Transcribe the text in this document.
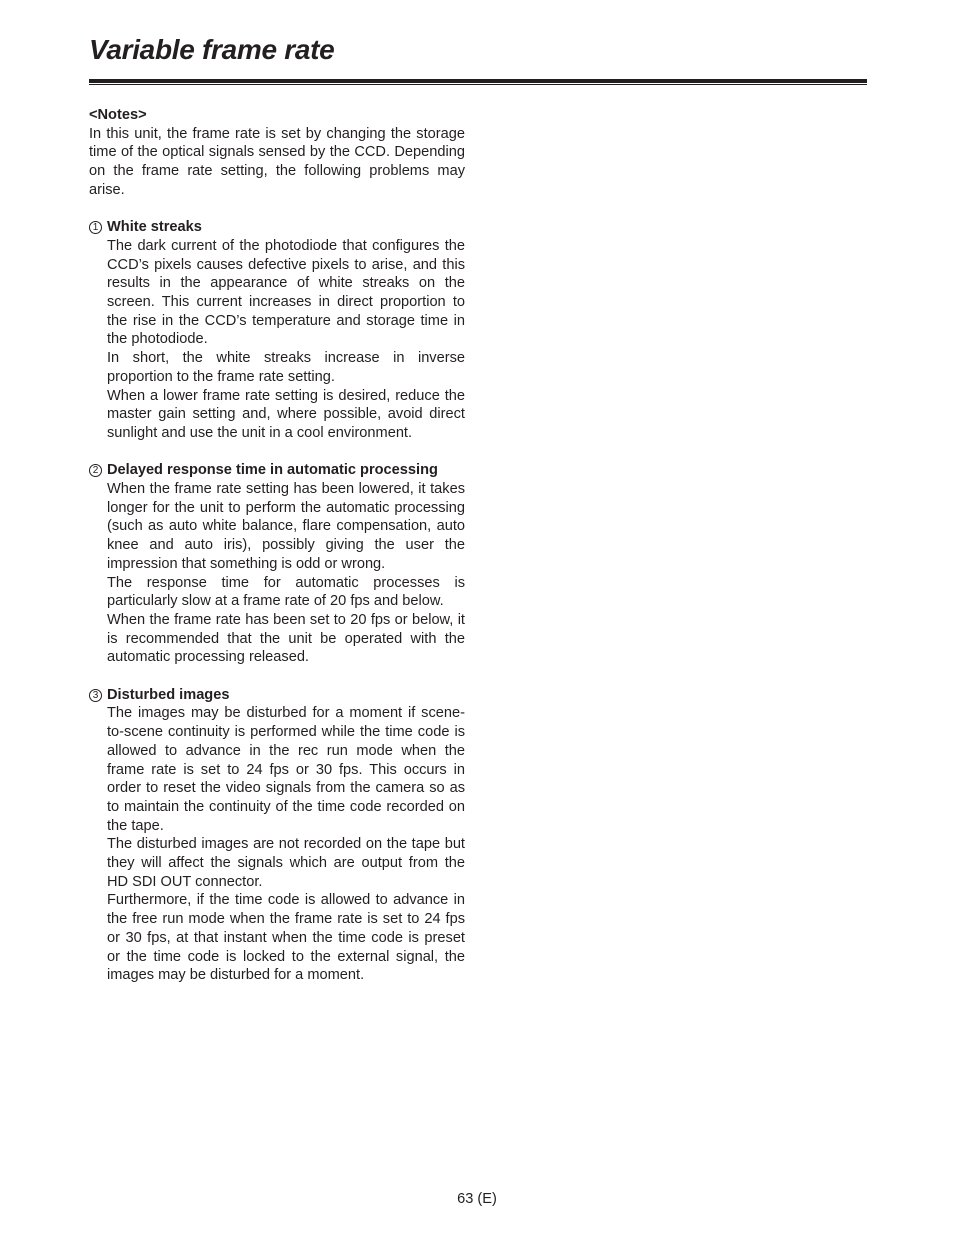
Variable frame rate

<Notes>

In this unit, the frame rate is set by changing the storage time of the optical signals sensed by the CCD. Depending on the frame rate setting, the following problems may arise.

1 White streaks

The dark current of the photodiode that configures the CCD’s pixels causes defective pixels to arise, and this results in the appearance of white streaks on the screen. This current increases in direct proportion to the rise in the CCD’s temperature and storage time in the photodiode.

In short, the white streaks increase in inverse proportion to the frame rate setting.

When a lower frame rate setting is desired, reduce the master gain setting and, where possible, avoid direct sunlight and use the unit in a cool environment.

2 Delayed response time in automatic processing

When the frame rate setting has been lowered, it takes longer for the unit to perform the automatic processing (such as auto white balance, flare compensation, auto knee and auto iris), possibly giving the user the impression that something is odd or wrong.

The response time for automatic processes is particularly slow at a frame rate of 20 fps and below.

When the frame rate has been set to 20 fps or below, it is recommended that the unit be operated with the automatic processing released.

3 Disturbed images

The images may be disturbed for a moment if scene-to-scene continuity is performed while the time code is allowed to advance in the rec run mode when the frame rate is set to 24 fps or 30 fps. This occurs in order to reset the video signals from the camera so as to maintain the continuity of the time code recorded on the tape.

The disturbed images are not recorded on the tape but they will affect the signals which are output from the HD SDI OUT connector.

Furthermore, if the time code is allowed to advance in the free run mode when the frame rate is set to 24 fps or 30 fps, at that instant when the time code is preset or the time code is locked to the external signal, the images may be disturbed for a moment.

63 (E)
